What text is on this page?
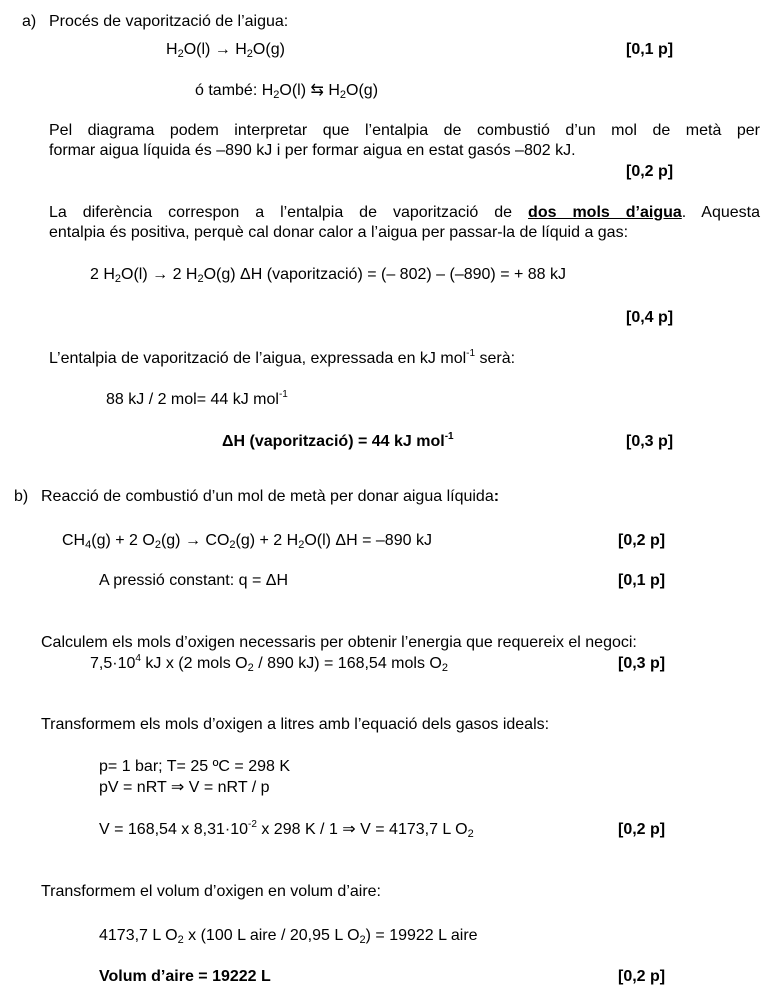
a) Procés de vaporització de l’aigua:
$H_2O(l) \to H_2O(g)$	[0,1 p]
ó també: $H_2O(l)$ ⇆ $H_2O(g)$
Pel diagrama podem interpretar que l’entalpia de combustió d’un mol de metà per
formar aigua líquida és –890 kJ i per formar aigua en estat gasós –802 kJ.
[0,2 p]
La diferència correspon a l’entalpia de vaporització de dos mols d’aigua. Aquesta
entalpia és positiva, perquè cal donar calor a l’aigua per passar-la de líquid a gas:
2 $H_2O(l) \to 2$ $H_2O(g)$ ΔH (vaporització) = (– 802) – (–890) = + 88 kJ
[0,4 p]
L’entalpia de vaporització de l’aigua, expressada en kJ mol$^{-1}$ serà:
88 kJ / 2 mol= 44 kJ mol$^{-1}$
ΔH (vaporització) = 44 kJ mol$^{-1}$	[0,3 p]
b) Reacció de combustió d’un mol de metà per donar aigua líquida:
$CH_4(g) + 2$ $O_2(g) \to CO_2(g) + 2$ $H_2O(l) \Delta H = -890$ kJ	[0,2 p]
A pressió constant: q = ΔH	[0,1 p]
Calculem els mols d’oxigen necessaris per obtenir l’energia que requereix el negoci:
$7,5\cdot 10^4$ kJ x (2 mols $O_2 / 890$ kJ) = 168,54 mols $O_2$	[0,3 p]
Transformem els mols d’oxigen a litres amb l’equació dels gasos ideals:
p= 1 bar; T= 25 ºC = 298 K
pV = nRT ⇒ V = nRT / p
V = 168,54 x $8,31\cdot 10^{-2}$ x 298 K / 1 ⇒ V = 4173,7 L $O_2$	[0,2 p]
Transformem el volum d’oxigen en volum d’aire:
4173,7 L $O_2$ x (100 L aire / 20,95 L $O_2) = 19922$ L aire
Volum d’aire = 19222 L	[0,2 p]
